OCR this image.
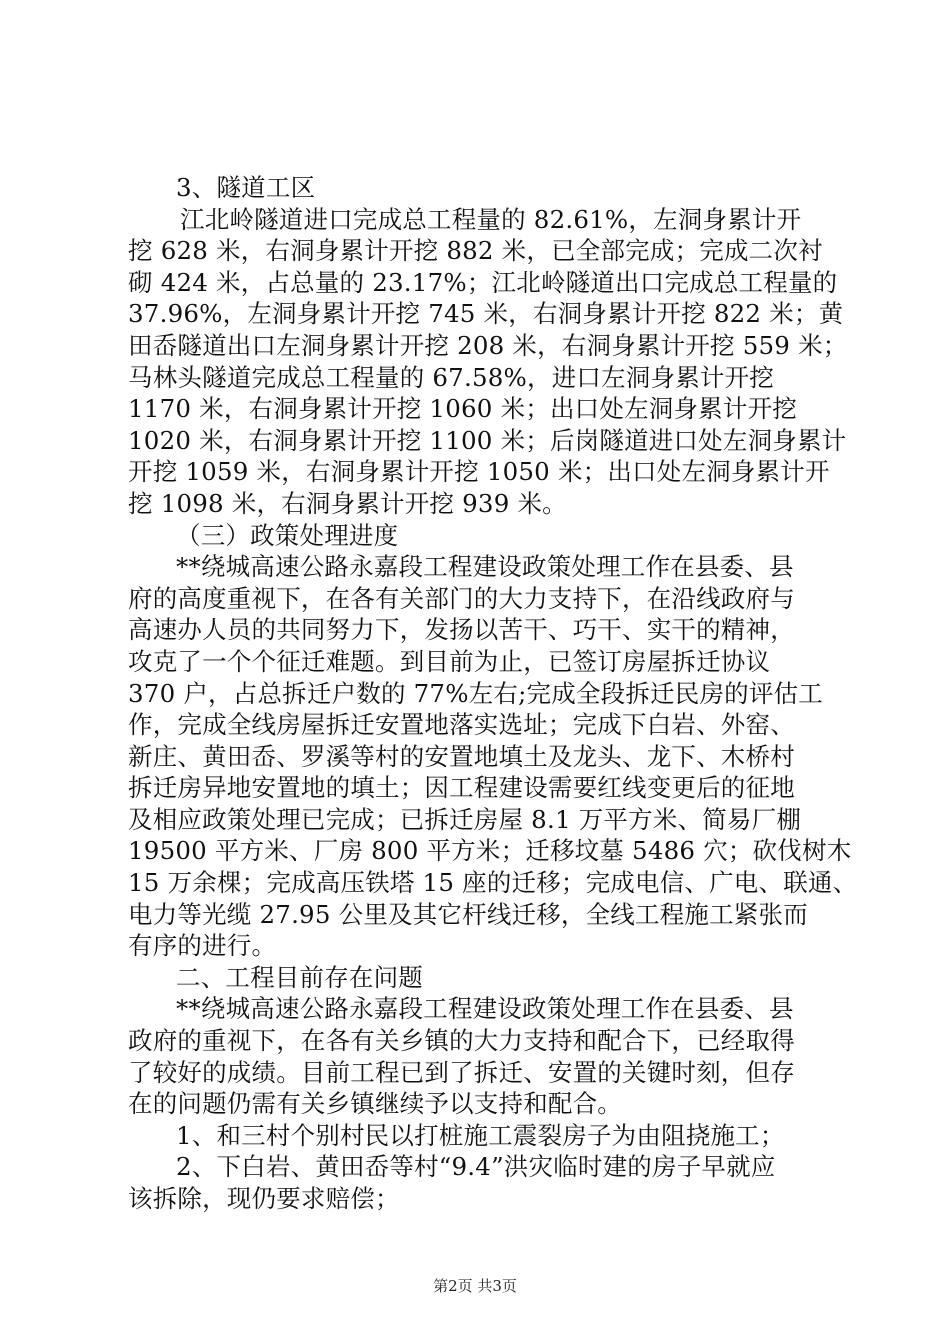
3、隧道工区
江北岭隧道进口完成总工程量的 82.61%，左洞身累计开
挖 628 米，右洞身累计开挖 882 米，已全部完成；完成二次衬
砌 424 米，占总量的 23.17%；江北岭隧道出口完成总工程量的
37.96%，左洞身累计开挖 745 米，右洞身累计开挖 822 米；黄
田岙隧道出口左洞身累计开挖 208 米，右洞身累计开挖 559 米；
马林头隧道完成总工程量的 67.58%，进口左洞身累计开挖
1170 米，右洞身累计开挖 1060 米；出口处左洞身累计开挖
1020 米，右洞身累计开挖 1100 米；后岗隧道进口处左洞身累计
开挖 1059 米，右洞身累计开挖 1050 米；出口处左洞身累计开
挖 1098 米，右洞身累计开挖 939 米。
（三）政策处理进度
**绕城高速公路永嘉段工程建设政策处理工作在县委、县
府的高度重视下，在各有关部门的大力支持下，在沿线政府与
高速办人员的共同努力下，发扬以苦干、巧干、实干的精神，
攻克了一个个征迁难题。到目前为止，已签订房屋拆迁协议
370 户，占总拆迁户数的 77%左右;完成全段拆迁民房的评估工
作，完成全线房屋拆迁安置地落实选址；完成下白岩、外窑、
新庄、黄田岙、罗溪等村的安置地填土及龙头、龙下、木桥村
拆迁房异地安置地的填土；因工程建设需要红线变更后的征地
及相应政策处理已完成；已拆迁房屋 8.1 万平方米、简易厂棚
19500 平方米、厂房 800 平方米；迁移坟墓 5486 穴；砍伐树木
15 万余棵；完成高压铁塔 15 座的迁移；完成电信、广电、联通、
电力等光缆 27.95 公里及其它杆线迁移，全线工程施工紧张而
有序的进行。
二、工程目前存在问题
**绕城高速公路永嘉段工程建设政策处理工作在县委、县
政府的重视下，在各有关乡镇的大力支持和配合下，已经取得
了较好的成绩。目前工程已到了拆迁、安置的关键时刻，但存
在的问题仍需有关乡镇继续予以支持和配合。
1、和三村个别村民以打桩施工震裂房子为由阻挠施工；
2、下白岩、黄田岙等村“9.4”洪灾临时建的房子早就应
该拆除，现仍要求赔偿；
第2页 共3页
